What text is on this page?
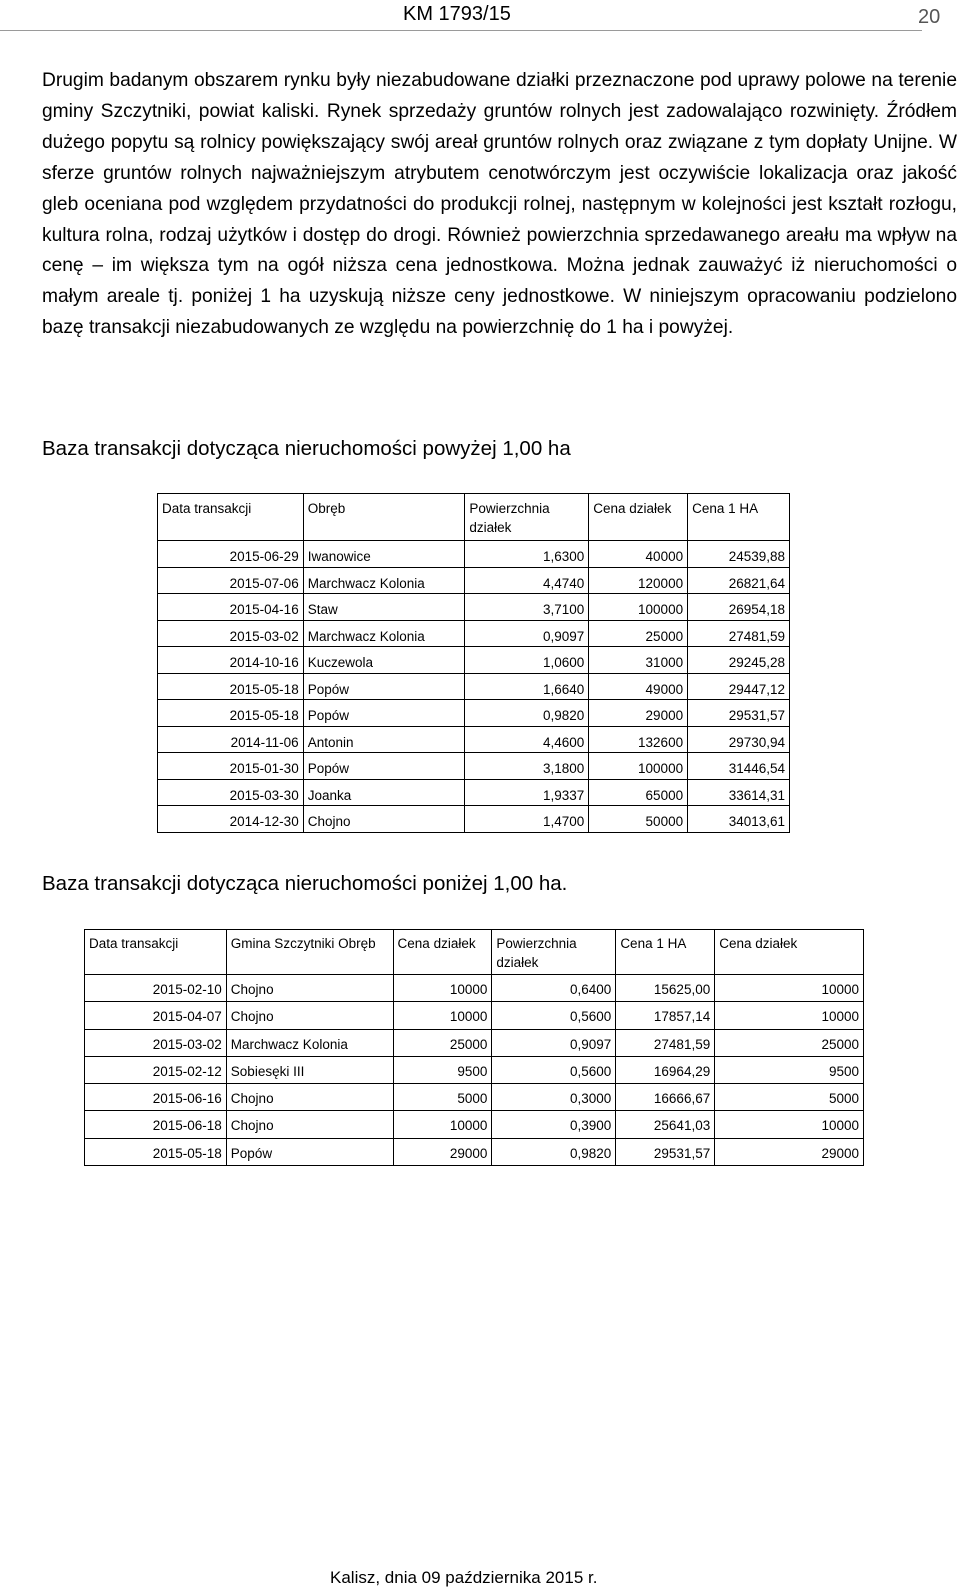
KM 1793/15	20

Drugim badanym obszarem rynku były niezabudowane działki przeznaczone pod uprawy polowe na terenie gminy Szczytniki, powiat kaliski. Rynek sprzedaży gruntów rolnych jest zadowalająco rozwinięty. Źródłem dużego popytu są rolnicy powiększający swój areał gruntów rolnych oraz związane z tym dopłaty Unijne. W sferze gruntów rolnych najważniejszym atrybutem cenotwórczym jest oczywiście lokalizacja oraz jakość gleb oceniana pod względem przydatności do produkcji rolnej, następnym w kolejności jest kształt rozłogu, kultura rolna, rodzaj użytków i dostęp do drogi. Również powierzchnia sprzedawanego areału ma wpływ na cenę – im większa tym na ogół niższa cena jednostkowa. Można jednak zauważyć iż nieruchomości o małym areale tj. poniżej 1 ha uzyskują niższe ceny jednostkowe. W niniejszym opracowaniu podzielono bazę transakcji niezabudowanych ze względu na powierzchnię do 1 ha i powyżej.

Baza transakcji dotycząca nieruchomości powyżej 1,00 ha
Data transakcji	Obręb	Powierzchnia działek	Cena działek	Cena 1 HA
2015-06-29	Iwanowice	1,6300	40000	24539,88
2015-07-06	Marchwacz Kolonia	4,4740	120000	26821,64
2015-04-16	Staw	3,7100	100000	26954,18
2015-03-02	Marchwacz Kolonia	0,9097	25000	27481,59
2014-10-16	Kuczewola	1,0600	31000	29245,28
2015-05-18	Popów	1,6640	49000	29447,12
2015-05-18	Popów	0,9820	29000	29531,57
2014-11-06	Antonin	4,4600	132600	29730,94
2015-01-30	Popów	3,1800	100000	31446,54
2015-03-30	Joanka	1,9337	65000	33614,31
2014-12-30	Chojno	1,4700	50000	34013,61
Baza transakcji dotycząca nieruchomości poniżej 1,00 ha.
Data transakcji	Gmina Szczytniki Obręb	Cena działek	Powierzchnia działek	Cena 1 HA	Cena działek
2015-02-10	Chojno	10000	0,6400	15625,00	10000
2015-04-07	Chojno	10000	0,5600	17857,14	10000
2015-03-02	Marchwacz Kolonia	25000	0,9097	27481,59	25000
2015-02-12	Sobiesęki III	9500	0,5600	16964,29	9500
2015-06-16	Chojno	5000	0,3000	16666,67	5000
2015-06-18	Chojno	10000	0,3900	25641,03	10000
2015-05-18	Popów	29000	0,9820	29531,57	29000
Kalisz, dnia 09 października 2015 r.
